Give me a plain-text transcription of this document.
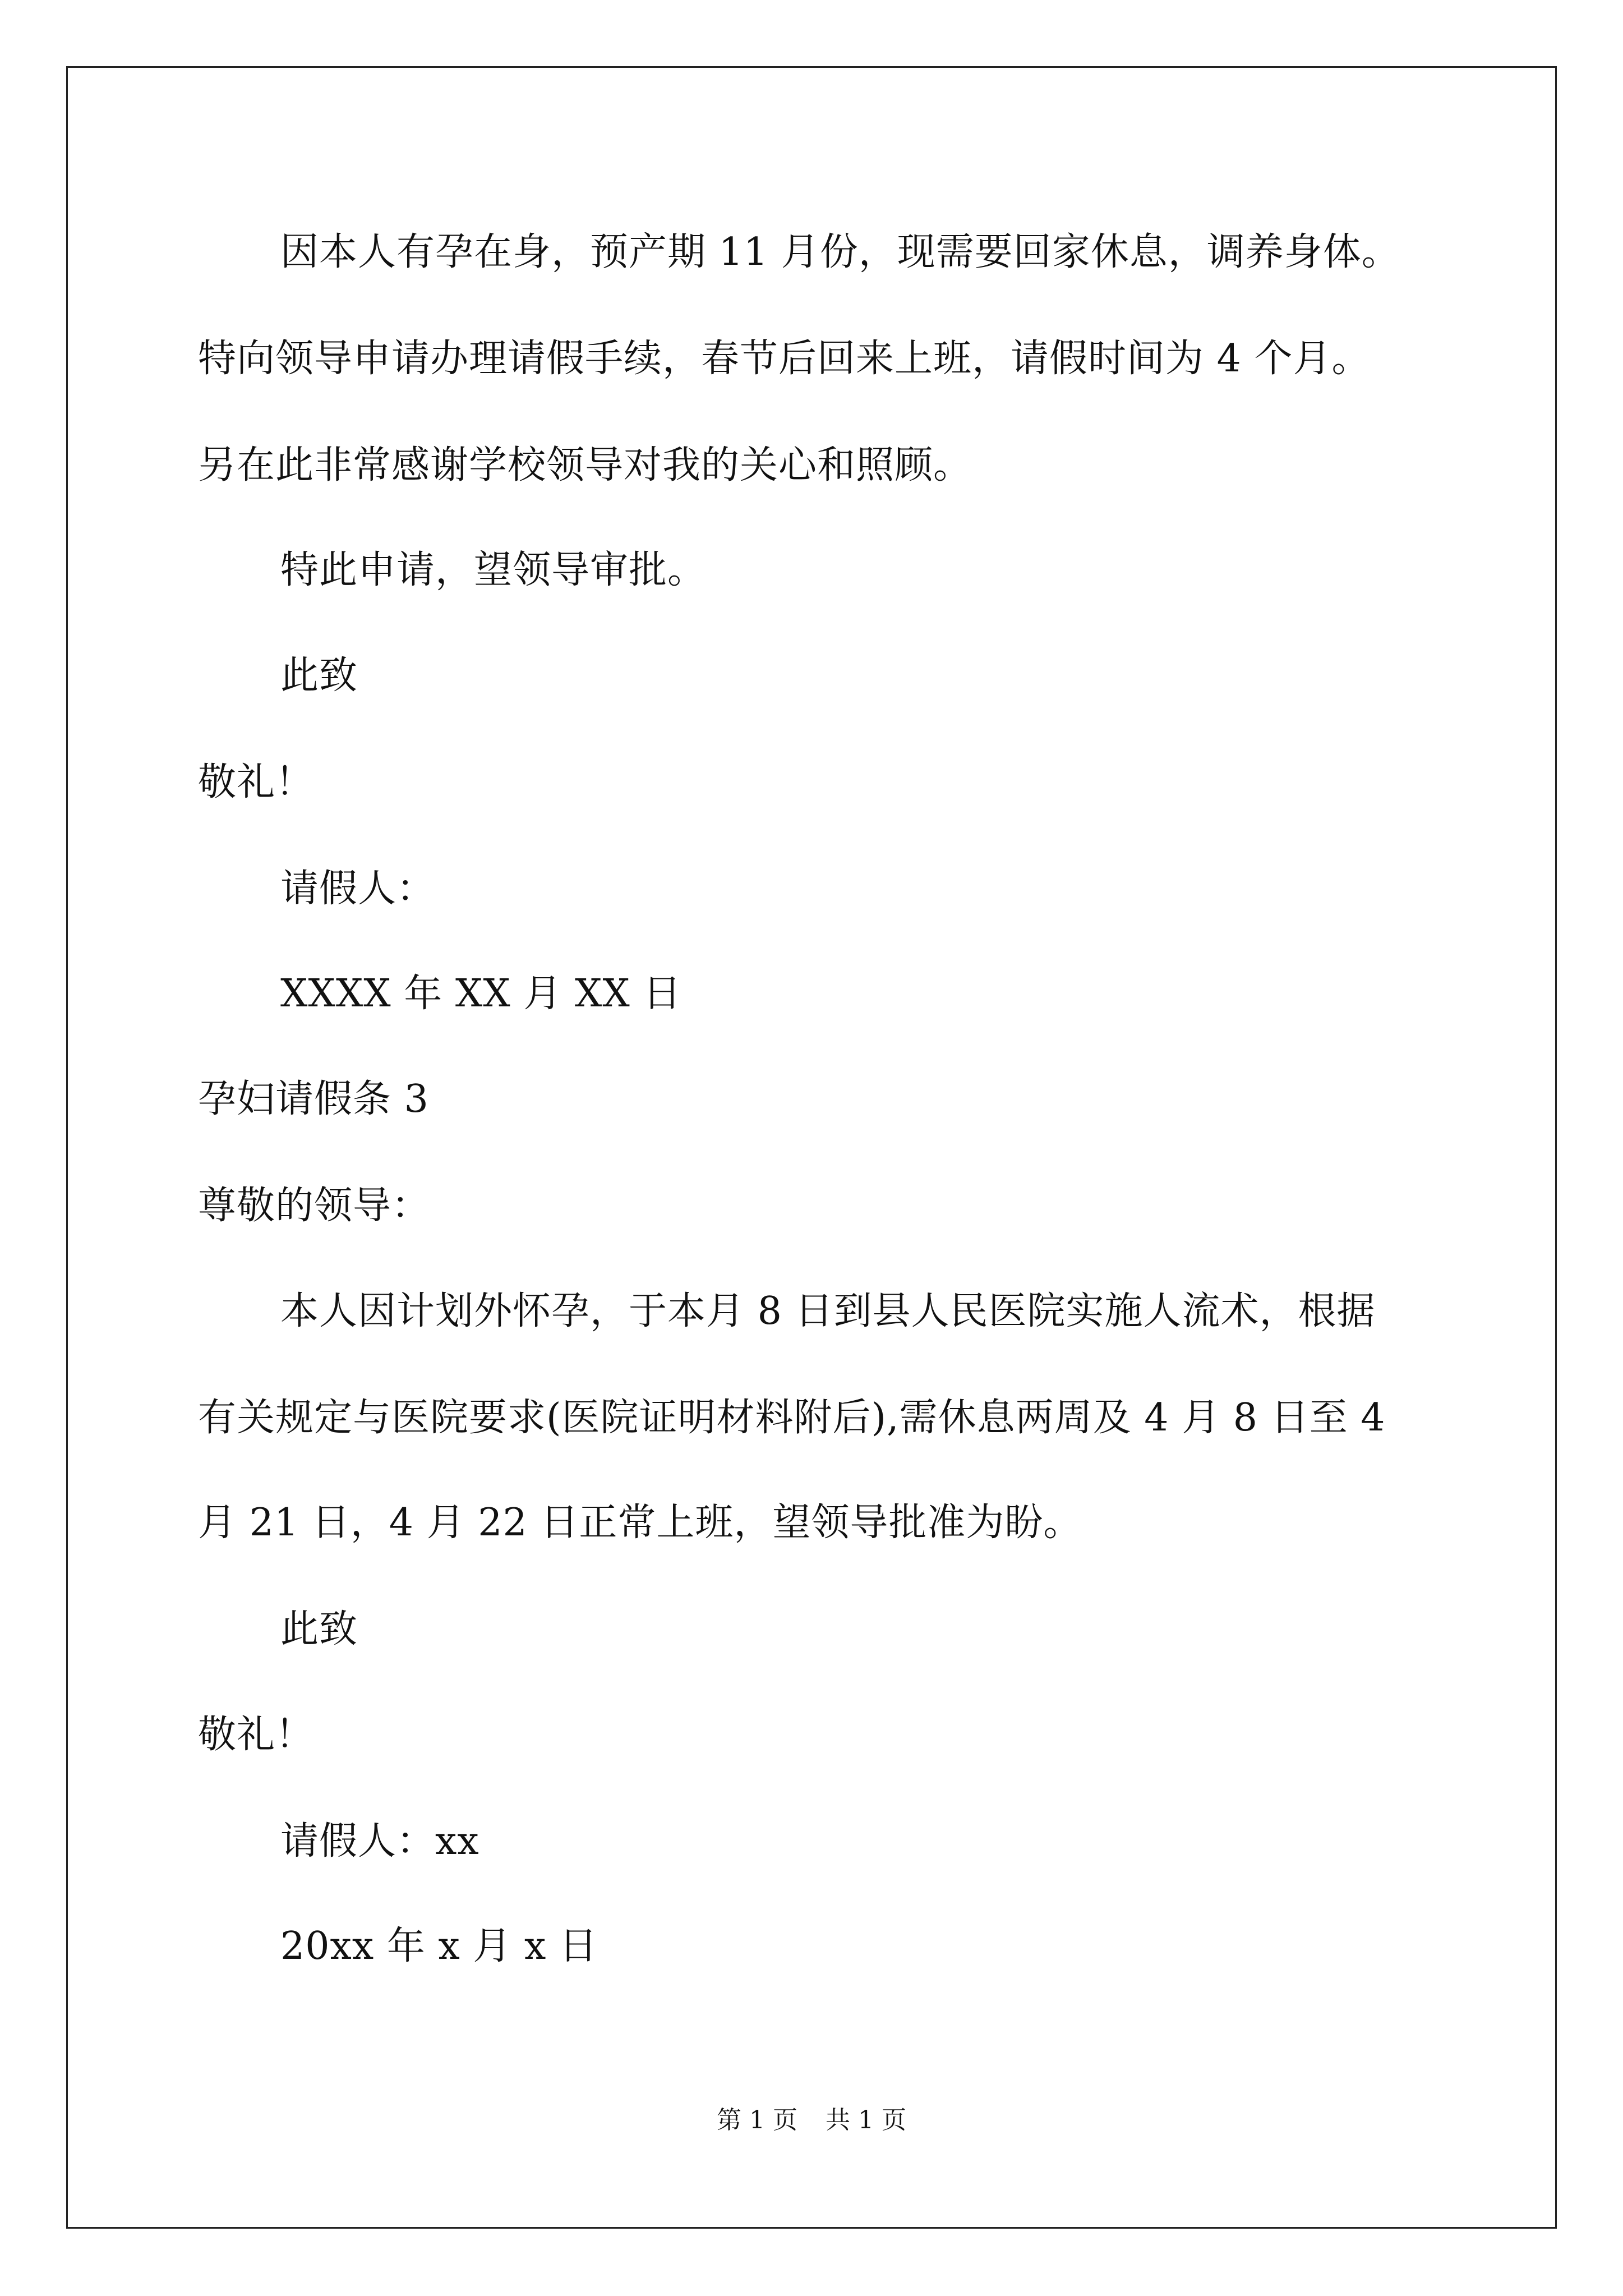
因本人有孕在身，预产期 11 月份，现需要回家休息，调养身体。
特向领导申请办理请假手续，春节后回来上班，请假时间为 4 个月。
另在此非常感谢学校领导对我的关心和照顾。
特此申请，望领导审批。
此致
敬礼！
请假人：
XXXX 年 XX 月 XX 日
孕妇请假条 3
尊敬的领导：
本人因计划外怀孕，于本月 8 日到县人民医院实施人流术，根据
有关规定与医院要求(医院证明材料附后),需休息两周及 4 月 8 日至 4
月 21 日，4 月 22 日正常上班，望领导批准为盼。
此致
敬礼！
请假人：xx
20xx 年 x 月 x 日
第 1 页 共 1 页
